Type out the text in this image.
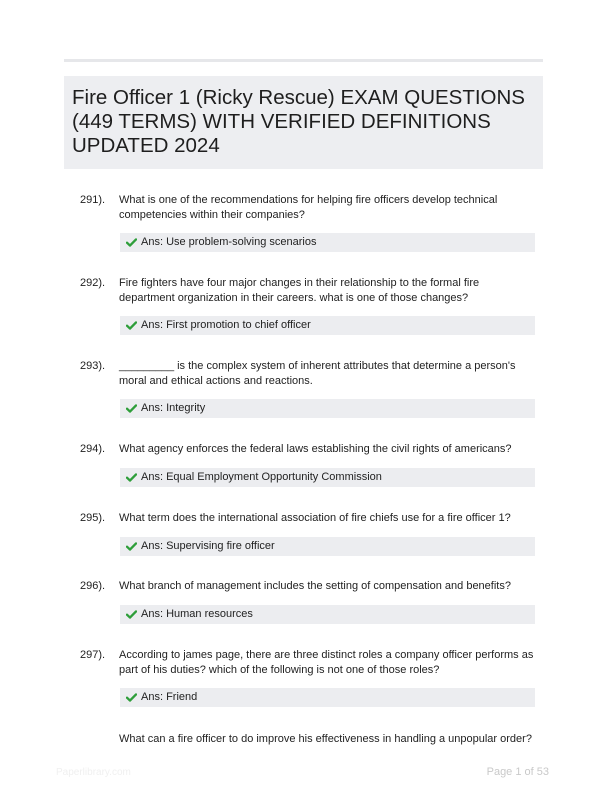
Fire Officer 1 (Ricky Rescue) EXAM QUESTIONS (449 TERMS) WITH VERIFIED DEFINITIONS UPDATED 2024
291). What is one of the recommendations for helping fire officers develop technical competencies within their companies?
Ans: Use problem-solving scenarios
292). Fire fighters have four major changes in their relationship to the formal fire department organization in their careers. what is one of those changes?
Ans: First promotion to chief officer
293). _________ is the complex system of inherent attributes that determine a person's moral and ethical actions and reactions.
Ans: Integrity
294). What agency enforces the federal laws establishing the civil rights of americans?
Ans: Equal Employment Opportunity Commission
295). What term does the international association of fire chiefs use for a fire officer 1?
Ans: Supervising fire officer
296). What branch of management includes the setting of compensation and benefits?
Ans: Human resources
297). According to james page, there are three distinct roles a company officer performs as part of his duties? which of the following is not one of those roles?
Ans: Friend
What can a fire officer to do improve his effectiveness in handling a unpopular order?
Paperlibrary.com	Page 1 of 53
